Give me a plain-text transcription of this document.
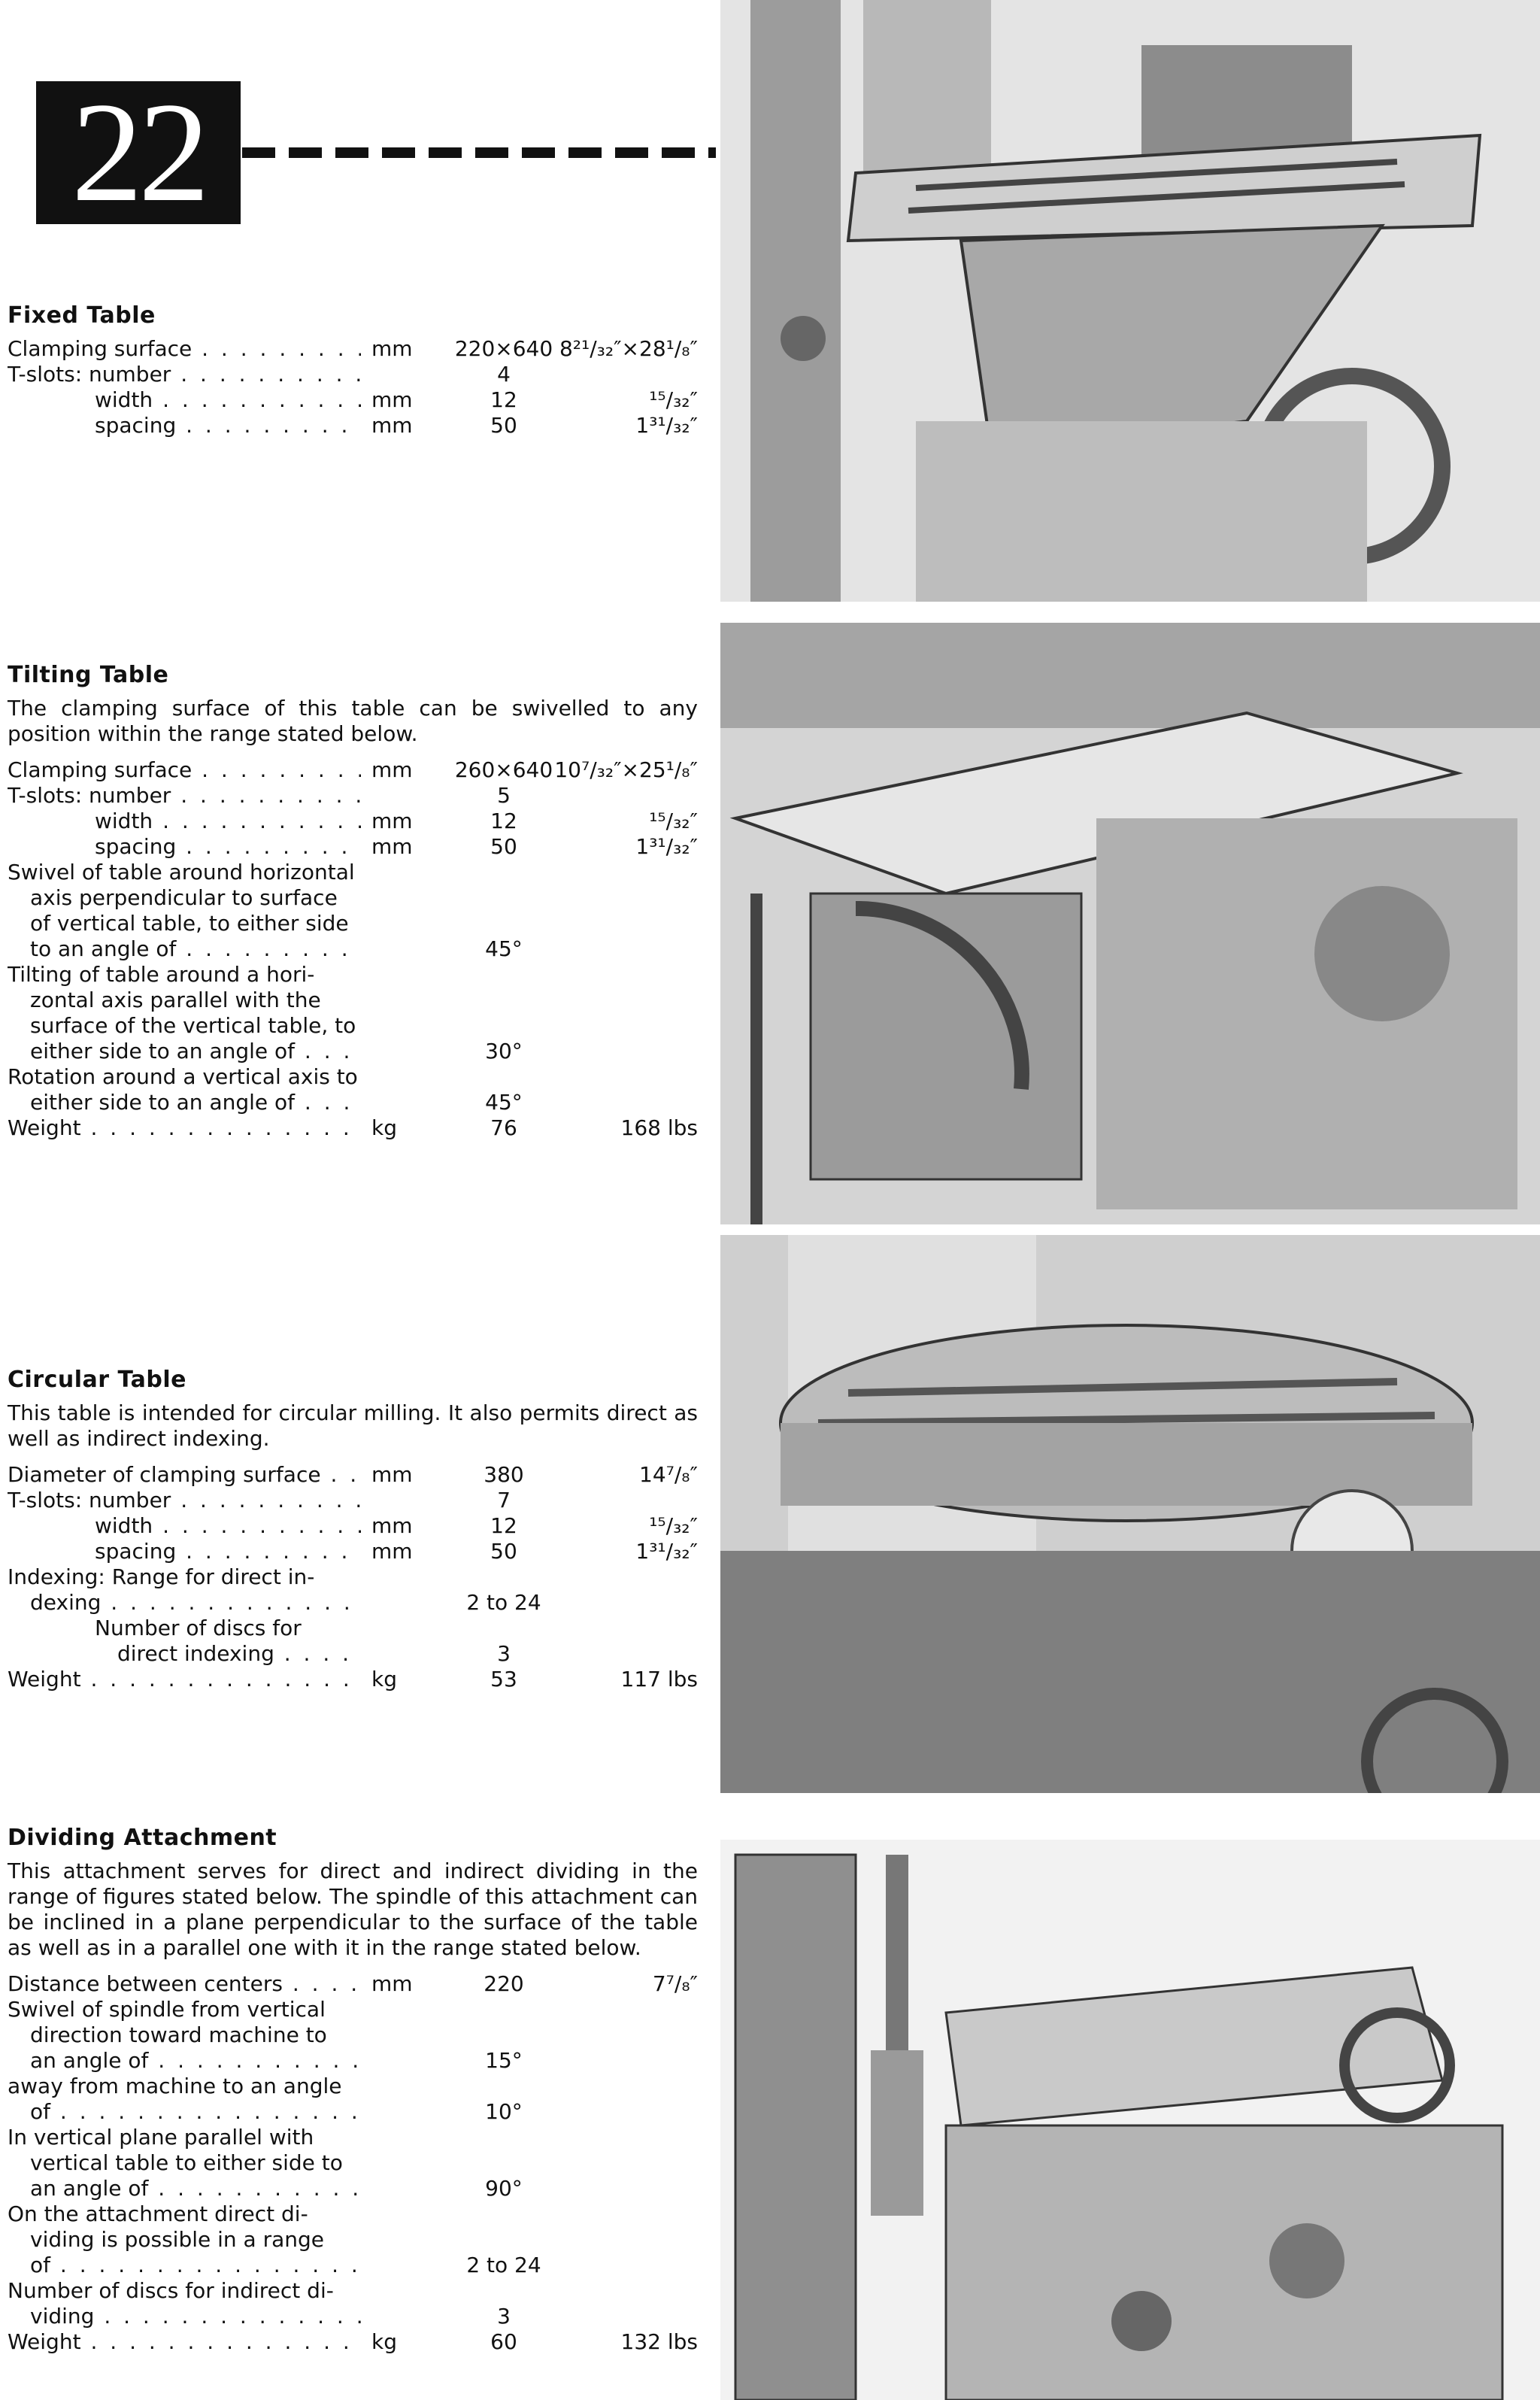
22
Fixed Table
Clamping surface . . .	mm	220×640 8²¹/₃₂″×28¹/₈″
T-slots: number . . .	4
width . . .	mm	12	¹⁵/₃₂″
spacing . . .	mm	50	1³¹/₃₂″
Tilting Table

The clamping surface of this table can be swivelled to any position within the range stated below.

Clamping surface . . .	mm	260×640 10⁷/₃₂″×25¹/₈″
T-slots: number . . .	5
width . . .	mm	12	¹⁵/₃₂″
spacing . . .	mm	50	1³¹/₃₂″
Swivel of table around horizontal
axis perpendicular to surface
of vertical table, to either side
to an angle of . . .	45°
Tilting of table around a hori-
zontal axis parallel with the
surface of the vertical table, to
either side to an angle of . . .	30°
Rotation around a vertical axis to
either side to an angle of . . .	45°
Weight . . .	kg	76	168 lbs
Circular Table

This table is intended for circular milling. It also permits direct as well as indirect indexing.

Diameter of clamping surface . . .	mm	380	14⁷/₈″
T-slots: number . . .	7
width . . .	mm	12	¹⁵/₃₂″
spacing . . .	mm	50	1³¹/₃₂″
Indexing: Range for direct in-
dexing . . .	2 to 24
Number of discs for
direct indexing . . .	3
Weight . . .	kg	53	117 lbs
Dividing Attachment

This attachment serves for direct and indirect dividing in the range of figures stated below. The spindle of this attachment can be inclined in a plane perpendicular to the surface of the table as well as in a parallel one with it in the range stated below.

Distance between centers . . .	mm	220	7⁷/₈″
Swivel of spindle from vertical
direction toward machine to
an angle of . . .	15°
away from machine to an angle
of . . .	10°
In vertical plane parallel with
vertical table to either side to
an angle of . . .	90°
On the attachment direct di-
viding is possible in a range
of . . .	2 to 24
Number of discs for indirect di-
viding . . .	3
Weight . . .	kg	60	132 lbs
